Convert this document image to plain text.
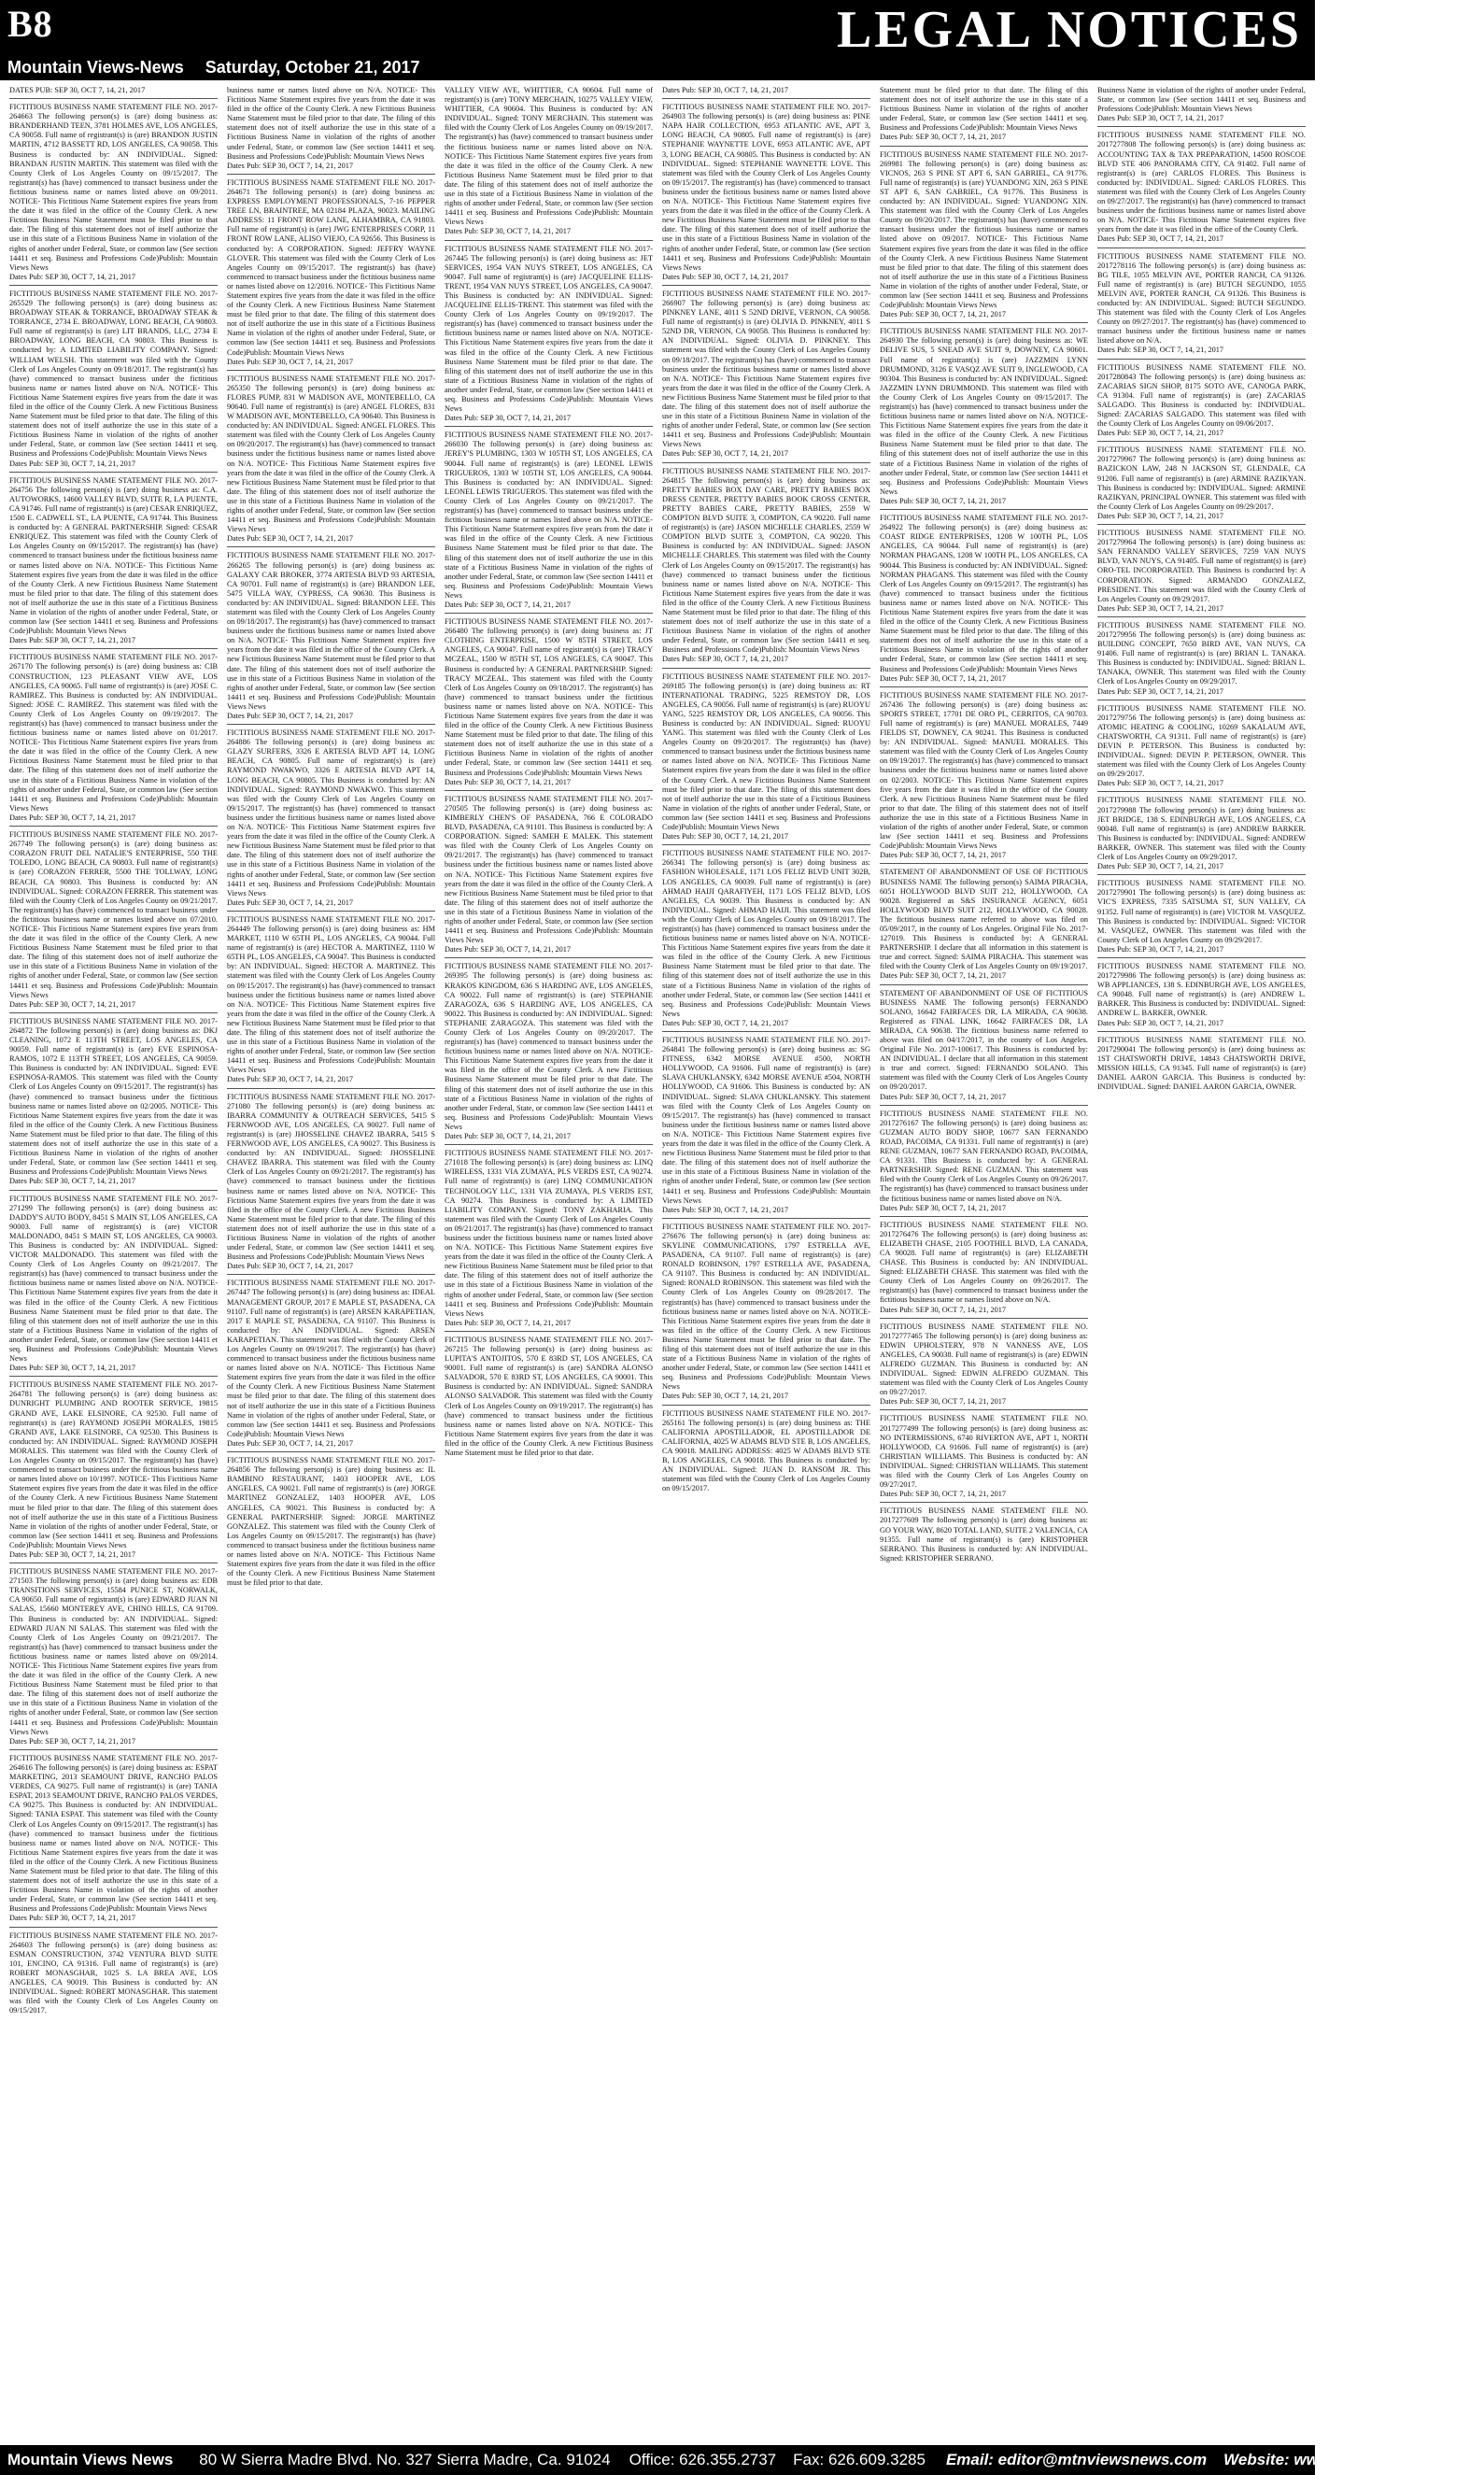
B8	LEGAL NOTICES
Mountain Views-News Saturday, October 21, 2017
DATES PUB: SEP 30, OCT 7, 14, 21, 2017
FICTITIOUS BUSINESS NAME STATEMENT FILE NO. 2017-264663 The following person(s) is (are) doing business as: BRANDERHAND TEEN, 3781 HOLMES AVE, LOS ANGELES, CA 90058. Full name of registrant(s) is (are) BRANDON JUSTIN MARTIN, 4712 BASSETT RD, LOS ANGELES, CA 90058. This Business is conducted by: AN INDIVIDUAL. Signed: BRANDAN JUSTIN MARTIN. This statement was filed with the County Clerk of Los Angeles County on 09/15/2017. The registrant(s) has (have) commenced to transact business under the fictitious business name or names listed above on 09/2011. NOTICE- This Fictitious Name Statement expires five years from the date it was filed in the office of the County Clerk. A new Fictitious Business Name Statement must be filed prior to that date. The filing of this statement does not of itself authorize the use in this state of a Fictitious Business Name in violation of the rights of another under Federal, State, or common law (See section 14411 et seq. Business and Professions Code)Publish: Mountain Views News
Dates Pub: SEP 30, OCT 7, 14, 21, 2017
FICTITIOUS BUSINESS NAME STATEMENT FILE NO. 2017-265529 The following person(s) is (are) doing business as: BROADWAY STEAK & TORRANCE, BROADWAY STEAK & TORRANCE, 2734 E. BROADWAY, LONG BEACH, CA 90803. Full name of registrant(s) is (are) LIT BRANDS, LLC, 2734 E BROADWAY, LONG BEACH, CA 90803. This Business is conducted by: A LIMITED LIABILITY COMPANY. Signed: WILLIAM WELSH. This statement was filed with the County Clerk of Los Angeles County on 09/18/2017. The registrant(s) has (have) commenced to transact business under the fictitious business name or names listed above on N/A. NOTICE- This Fictitious Name Statement expires five years from the date it was filed in the office of the County Clerk. A new Fictitious Business Name Statement must be filed prior to that date. The filing of this statement does not of itself authorize the use in this state of a Fictitious Business Name in violation of the rights of another under Federal, State, or common law (See section 14411 et seq. Business and Professions Code)Publish: Mountain Views News
Dates Pub: SEP 30, OCT 7, 14, 21, 2017
FICTITIOUS BUSINESS NAME STATEMENT FILE NO. 2017-264756 The following person(s) is (are) doing business as: C.A. AUTOWORKS, 14600 VALLEY BLVD, SUITE R, LA PUENTE, CA 91746. Full name of registrant(s) is (are) CESAR ENRIQUEZ, 1500 E. CADWELL ST., LA PUENTE, CA 91744. This Business is conducted by: A GENERAL PARTNERSHIP. Signed: CESAR ENRIQUEZ. This statement was filed with the County Clerk of Los Angeles County on 09/15/2017. The registrant(s) has (have) commenced to transact business under the fictitious business name or names listed above on N/A. NOTICE- This Fictitious Name Statement expires five years from the date it was filed in the office of the County Clerk. A new Fictitious Business Name Statement must be filed prior to that date. The filing of this statement does not of itself authorize the use in this state of a Fictitious Business Name in violation of the rights of another under Federal, State, or common law (See section 14411 et seq. Business and Professions Code)Publish: Mountain Views News
Dates Pub: SEP 30, OCT 7, 14, 21, 2017
FICTITIOUS BUSINESS NAME STATEMENT FILE NO. 2017-267170 The following person(s) is (are) doing business as: CIB CONSTRUCTION, 123 PLEASANT VIEW AVE, LOS ANGELES, CA 90065. Full name of registrant(s) is (are) JOSE C. RAMIREZ. This Business is conducted by: AN INDIVIDUAL. Signed: JOSE C. RAMIREZ. This statement was filed with the County Clerk of Los Angeles County on 09/19/2017. The registrant(s) has (have) commenced to transact business under the fictitious business name or names listed above on 01/2017. NOTICE- This Fictitious Name Statement expires five years from the date it was filed in the office of the County Clerk. A new Fictitious Business Name Statement must be filed prior to that date. The filing of this statement does not of itself authorize the use in this state of a Fictitious Business Name in violation of the rights of another under Federal, State, or common law (See section 14411 et seq. Business and Professions Code)Publish: Mountain Views News
Dates Pub: SEP 30, OCT 7, 14, 21, 2017
FICTITIOUS BUSINESS NAME STATEMENT FILE NO. 2017-267749 The following person(s) is (are) doing business as: CORAZON FRUIT DEL NATALIE'S ENTERPRISE, 550 THE TOLEDO, LONG BEACH, CA 90803. Full name of registrant(s) is (are) CORAZON FERRER, 5500 THE TOLLWAY, LONG BEACH, CA 90803. This Business is conducted by: AN INDIVIDUAL. Signed: CORAZON FERRER. This statement was filed with the County Clerk of Los Angeles County on 09/21/2017. The registrant(s) has (have) commenced to transact business under the fictitious business name or names listed above on 07/2010. NOTICE- This Fictitious Name Statement expires five years from the date it was filed in the office of the County Clerk. A new Fictitious Business Name Statement must be filed prior to that date. The filing of this statement does not of itself authorize the use in this state of a Fictitious Business Name in violation of the rights of another under Federal, State, or common law (See section 14411 et seq. Business and Professions Code)Publish: Mountain Views News
Dates Pub: SEP 30, OCT 7, 14, 21, 2017
FICTITIOUS BUSINESS NAME STATEMENT FILE NO. 2017-264872 The following person(s) is (are) doing business as: DKJ CLEANING, 1072 E 113TH STREET, LOS ANGELES, CA 90059. Full name of registrant(s) is (are) EVE ESPINOSA-RAMOS, 1072 E 113TH STREET, LOS ANGELES, CA 90059. This Business is conducted by: AN INDIVIDUAL. Signed: EVE ESPINOSA-RAMOS. This statement was filed with the County Clerk of Los Angeles County on 09/15/2017. The registrant(s) has (have) commenced to transact business under the fictitious business name or names listed above on 02/2005. NOTICE- This Fictitious Name Statement expires five years from the date it was filed in the office of the County Clerk. A new Fictitious Business Name Statement must be filed prior to that date. The filing of this statement does not of itself authorize the use in this state of a Fictitious Business Name in violation of the rights of another under Federal, State, or common law (See section 14411 et seq. Business and Professions Code)Publish: Mountain Views News
Dates Pub: SEP 30, OCT 7, 14, 21, 2017
FICTITIOUS BUSINESS NAME STATEMENT FILE NO. 2017-271299 The following person(s) is (are) doing business as: DADDY'S AUTO BODY, 8451 S MAIN ST, LOS ANGELES, CA 90003. Full name of registrant(s) is (are) VICTOR MALDONADO, 8451 S MAIN ST, LOS ANGELES, CA 90003. This Business is conducted by: AN INDIVIDUAL. Signed: VICTOR MALDONADO. This statement was filed with the County Clerk of Los Angeles County on 09/21/2017. The registrant(s) has (have) commenced to transact business under the fictitious business name or names listed above on N/A. NOTICE- This Fictitious Name Statement expires five years from the date it was filed in the office of the County Clerk. A new Fictitious Business Name Statement must be filed prior to that date. The filing of this statement does not of itself authorize the use in this state of a Fictitious Business Name in violation of the rights of another under Federal, State, or common law (See section 14411 et seq. Business and Professions Code)Publish: Mountain Views News
Dates Pub: SEP 30, OCT 7, 14, 21, 2017
FICTITIOUS BUSINESS NAME STATEMENT FILE NO. 2017-264781 The following person(s) is (are) doing business as: DUNRIGHT PLUMBING AND ROOTER SERVICE, 19815 GRAND AVE, LAKE ELSINORE, CA 92530. Full name of registrant(s) is (are) RAYMOND JOSEPH MORALES, 19815 GRAND AVE, LAKE ELSINORE, CA 92530. This Business is conducted by: AN INDIVIDUAL. Signed: RAYMOND JOSEPH MORALES. This statement was filed with the County Clerk of Los Angeles County on 09/15/2017. The registrant(s) has (have) commenced to transact business under the fictitious business name or names listed above on 10/1997. NOTICE- This Fictitious Name Statement expires five years from the date it was filed in the office of the County Clerk. A new Fictitious Business Name Statement must be filed prior to that date. The filing of this statement does not of itself authorize the use in this state of a Fictitious Business Name in violation of the rights of another under Federal, State, or common law (See section 14411 et seq. Business and Professions Code)Publish: Mountain Views News
Dates Pub: SEP 30, OCT 7, 14, 21, 2017
FICTITIOUS BUSINESS NAME STATEMENT FILE NO. 2017-271503 The following person(s) is (are) doing business as: EDB TRANSITIONS SERVICES, 15584 PUNICE ST, NORWALK, CA 90650. Full name of registrant(s) is (are) EDWARD JUAN NI SALAS, 15660 MONTEREY AVE, CHINO HILLS, CA 91709. This Business is conducted by: AN INDIVIDUAL. Signed: EDWARD JUAN NI SALAS. This statement was filed with the County Clerk of Los Angeles County on 09/21/2017. The registrant(s) has (have) commenced to transact business under the fictitious business name or names listed above on 09/2014. NOTICE- This Fictitious Name Statement expires five years from the date it was filed in the office of the County Clerk. A new Fictitious Business Name Statement must be filed prior to that date. The filing of this statement does not of itself authorize the use in this state of a Fictitious Business Name in violation of the rights of another under Federal, State, or common law (See section 14411 et seq. Business and Professions Code)Publish: Mountain Views News
Dates Pub: SEP 30, OCT 7, 14, 21, 2017
FICTITIOUS BUSINESS NAME STATEMENT FILE NO. 2017-264616 The following person(s) is (are) doing business as: ESPAT MARKETING, 2013 SEAMOUNT DRIVE, RANCHO PALOS VERDES, CA 90275. Full name of registrant(s) is (are) TANIA ESPAT, 2013 SEAMOUNT DRIVE, RANCHO PALOS VERDES, CA 90275. This Business is conducted by: AN INDIVIDUAL. Signed: TANIA ESPAT. This statement was filed with the County Clerk of Los Angeles County on 09/15/2017. The registrant(s) has (have) commenced to transact business under the fictitious business name or names listed above on N/A. NOTICE- This Fictitious Name Statement expires five years from the date it was filed in the office of the County Clerk. A new Fictitious Business Name Statement must be filed prior to that date. The filing of this statement does not of itself authorize the use in this state of a Fictitious Business Name in violation of the rights of another under Federal, State, or common law (See section 14411 et seq. Business and Professions Code)Publish: Mountain Views News
Dates Pub: SEP 30, OCT 7, 14, 21, 2017
FICTITIOUS BUSINESS NAME STATEMENT FILE NO. 2017-264603 The following person(s) is (are) doing business as: ESMAN CONSTRUCTION, 3742 VENTURA BLVD SUITE 101, ENCINO, CA 91316. Full name of registrant(s) is (are) ROBERT MONASGHAR, 1025 S. LA BREA AVE, LOS ANGELES, CA 90019. This Business is conducted by: AN INDIVIDUAL. Signed: ROBERT MONASGHAR. This statement was filed with the County Clerk of Los Angeles County on 09/15/2017.
business name or names listed above on N/A. NOTICE- This Fictitious Name Statement expires five years from the date it was filed in the office of the County Clerk. A new Fictitious Business Name Statement must be filed prior to that date. The filing of this statement does not of itself authorize the use in this state of a Fictitious Business Name in violation of the rights of another under Federal, State, or common law (See section 14411 et seq. Business and Professions Code)Publish: Mountain Views News
Dates Pub: SEP 30, OCT 7, 14, 21, 2017
FICTITIOUS BUSINESS NAME STATEMENT FILE NO. 2017-264671 The following person(s) is (are) doing business as: EXPRESS EMPLOYMENT PROFESSIONALS, 7-16 PEPPER TREE LN, BRAINTREE, MA 02184 PLAZA, 90023. MAILING ADDRESS: 11 FRONT ROW LANE, ALHAMBRA, CA 91803. Full name of registrant(s) is (are) JWG ENTERPRISES CORP, 11 FRONT ROW LANE, ALISO VIEJO, CA 92656. This Business is conducted by: A CORPORATION. Signed: JEFFRY WAYNE GLOVER. This statement was filed with the County Clerk of Los Angeles County on 09/15/2017. The registrant(s) has (have) commenced to transact business under the fictitious business name or names listed above on 12/2016. NOTICE- This Fictitious Name Statement expires five years from the date it was filed in the office of the County Clerk. A new Fictitious Business Name Statement must be filed prior to that date. The filing of this statement does not of itself authorize the use in this state of a Fictitious Business Name in violation of the rights of another under Federal, State, or common law (See section 14411 et seq. Business and Professions Code)Publish: Mountain Views News
Dates Pub: SEP 30, OCT 7, 14, 21, 2017
FICTITIOUS BUSINESS NAME STATEMENT FILE NO. 2017-265350 The following person(s) is (are) doing business as: FLORES PUMP, 831 W MADISON AVE, MONTEBELLO, CA 90640. Full name of registrant(s) is (are) ANGEL FLORES, 831 W MADISON AVE, MONTEBELLO, CA 90640. This Business is conducted by: AN INDIVIDUAL. Signed: ANGEL FLORES. This statement was filed with the County Clerk of Los Angeles County on 09/20/2017. The registrant(s) has (have) commenced to transact business under the fictitious business name or names listed above on N/A. NOTICE- This Fictitious Name Statement expires five years from the date it was filed in the office of the County Clerk. A new Fictitious Business Name Statement must be filed prior to that date. The filing of this statement does not of itself authorize the use in this state of a Fictitious Business Name in violation of the rights of another under Federal, State, or common law (See section 14411 et seq. Business and Professions Code)Publish: Mountain Views News
Dates Pub: SEP 30, OCT 7, 14, 21, 2017
FICTITIOUS BUSINESS NAME STATEMENT FILE NO. 2017-266265 The following person(s) is (are) doing business as: GALAXY CAR BROKER, 3774 ARTESIA BLVD 93 ARTESIA, CA 90701. Full name of registrant(s) is (are) BRANDON LEE, 5475 VILLA WAY, CYPRESS, CA 90630. This Business is conducted by: AN INDIVIDUAL. Signed: BRANDON LEE. This statement was filed with the County Clerk of Los Angeles County on 09/18/2017. The registrant(s) has (have) commenced to transact business under the fictitious business name or names listed above on N/A. NOTICE- This Fictitious Name Statement expires five years from the date it was filed in the office of the County Clerk. A new Fictitious Business Name Statement must be filed prior to that date. The filing of this statement does not of itself authorize the use in this state of a Fictitious Business Name in violation of the rights of another under Federal, State, or common law (See section 14411 et seq. Business and Professions Code)Publish: Mountain Views News
Dates Pub: SEP 30, OCT 7, 14, 21, 2017
FICTITIOUS BUSINESS NAME STATEMENT FILE NO. 2017-264886 The following person(s) is (are) doing business as: GLAZY SURFERS, 3326 E ARTESIA BLVD APT 14, LONG BEACH, CA 90805. Full name of registrant(s) is (are) RAYMOND NWAKWO, 3326 E ARTESIA BLVD APT 14, LONG BEACH, CA 90805. This Business is conducted by: AN INDIVIDUAL. Signed: RAYMOND NWAKWO. This statement was filed with the County Clerk of Los Angeles County on 09/15/2017. The registrant(s) has (have) commenced to transact business under the fictitious business name or names listed above on N/A. NOTICE- This Fictitious Name Statement expires five years from the date it was filed in the office of the County Clerk. A new Fictitious Business Name Statement must be filed prior to that date. The filing of this statement does not of itself authorize the use in this state of a Fictitious Business Name in violation of the rights of another under Federal, State, or common law (See section 14411 et seq. Business and Professions Code)Publish: Mountain Views News
Dates Pub: SEP 30, OCT 7, 14, 21, 2017
FICTITIOUS BUSINESS NAME STATEMENT FILE NO. 2017-264449 The following person(s) is (are) doing business as: HM MARKET, 1110 W 65TH PL, LOS ANGELES, CA 90044. Full name of registrant(s) is (are) HECTOR A. MARTINEZ, 1110 W 65TH PL, LOS ANGELES, CA 90047. This Business is conducted by: AN INDIVIDUAL. Signed: HECTOR A. MARTINEZ. This statement was filed with the County Clerk of Los Angeles County on 09/15/2017. The registrant(s) has (have) commenced to transact business under the fictitious business name or names listed above on N/A. NOTICE- This Fictitious Name Statement expires five years from the date it was filed in the office of the County Clerk. A new Fictitious Business Name Statement must be filed prior to that date. The filing of this statement does not of itself authorize the use in this state of a Fictitious Business Name in violation of the rights of another under Federal, State, or common law (See section 14411 et seq. Business and Professions Code)Publish: Mountain Views News
Dates Pub: SEP 30, OCT 7, 14, 21, 2017
FICTITIOUS BUSINESS NAME STATEMENT FILE NO. 2017-271080 The following person(s) is (are) doing business as: IBARRA COMMUNITY & OUTREACH SERVICES, 5415 S FERNWOOD AVE, LOS ANGELES, CA 90027. Full name of registrant(s) is (are) JHOSSELINE CHAVEZ IBARRA, 5415 S FERNWOOD AVE, LOS ANGELES, CA 90027. This Business is conducted by: AN INDIVIDUAL. Signed: JHOSSELINE CHAVEZ IBARRA. This statement was filed with the County Clerk of Los Angeles County on 09/21/2017. The registrant(s) has (have) commenced to transact business under the fictitious business name or names listed above on N/A. NOTICE- This Fictitious Name Statement expires five years from the date it was filed in the office of the County Clerk. A new Fictitious Business Name Statement must be filed prior to that date. The filing of this statement does not of itself authorize the use in this state of a Fictitious Business Name in violation of the rights of another under Federal, State, or common law (See section 14411 et seq. Business and Professions Code)Publish: Mountain Views News
Dates Pub: SEP 30, OCT 7, 14, 21, 2017
FICTITIOUS BUSINESS NAME STATEMENT FILE NO. 2017-267447 The following person(s) is (are) doing business as: IDEAL MANAGEMENT GROUP, 2017 E MAPLE ST, PASADENA, CA 91107. Full name of registrant(s) is (are) ARSEN KARAPETIAN, 2017 E MAPLE ST, PASADENA, CA 91107. This Business is conducted by: AN INDIVIDUAL. Signed: ARSEN KARAPETIAN. This statement was filed with the County Clerk of Los Angeles County on 09/19/2017. The registrant(s) has (have) commenced to transact business under the fictitious business name or names listed above on N/A. NOTICE- This Fictitious Name Statement expires five years from the date it was filed in the office of the County Clerk. A new Fictitious Business Name Statement must be filed prior to that date. The filing of this statement does not of itself authorize the use in this state of a Fictitious Business Name in violation of the rights of another under Federal, State, or common law (See section 14411 et seq. Business and Professions Code)Publish: Mountain Views News
Dates Pub: SEP 30, OCT 7, 14, 21, 2017
FICTITIOUS BUSINESS NAME STATEMENT FILE NO. 2017-264856 The following person(s) is (are) doing business as: IL BAMBINO RESTAURANT, 1403 HOOPER AVE, LOS ANGELES, CA 90021. Full name of registrant(s) is (are) JORGE MARTINEZ GONZALEZ, 1403 HOOPER AVE, LOS ANGELES, CA 90021. This Business is conducted by: A GENERAL PARTNERSHIP. Signed: JORGE MARTINEZ GONZALEZ. This statement was filed with the County Clerk of Los Angeles County on 09/15/2017. The registrant(s) has (have) commenced to transact business under the fictitious business name or names listed above on N/A. NOTICE- This Fictitious Name Statement expires five years from the date it was filed in the office of the County Clerk. A new Fictitious Business Name Statement must be filed prior to that date.
VALLEY VIEW AVE, WHITTIER, CA 90604. Full name of registrant(s) is (are) TONY MERCHAIN, 10275 VALLEY VIEW, WHITTIER, CA 90604. This Business is conducted by: AN INDIVIDUAL. Signed: TONY MERCHAIN. This statement was filed with the County Clerk of Los Angeles County on 09/19/2017. The registrant(s) has (have) commenced to transact business under the fictitious business name or names listed above on N/A. NOTICE- This Fictitious Name Statement expires five years from the date it was filed in the office of the County Clerk. A new Fictitious Business Name Statement must be filed prior to that date. The filing of this statement does not of itself authorize the use in this state of a Fictitious Business Name in violation of the rights of another under Federal, State, or common law (See section 14411 et seq. Business and Professions Code)Publish: Mountain Views News
Dates Pub: SEP 30, OCT 7, 14, 21, 2017
FICTITIOUS BUSINESS NAME STATEMENT FILE NO. 2017-267445 The following person(s) is (are) doing business as: JET SERVICES, 1954 VAN NUYS STREET, LOS ANGELES, CA 90047. Full name of registrant(s) is (are) JACQUELINE ELLIS-TRENT, 1954 VAN NUYS STREET, LOS ANGELES, CA 90047. This Business is conducted by: AN INDIVIDUAL. Signed: JACQUELINE ELLIS-TRENT. This statement was filed with the County Clerk of Los Angeles County on 09/19/2017. The registrant(s) has (have) commenced to transact business under the fictitious business name or names listed above on N/A. NOTICE- This Fictitious Name Statement expires five years from the date it was filed in the office of the County Clerk. A new Fictitious Business Name Statement must be filed prior to that date. The filing of this statement does not of itself authorize the use in this state of a Fictitious Business Name in violation of the rights of another under Federal, State, or common law (See section 14411 et seq. Business and Professions Code)Publish: Mountain Views News
Dates Pub: SEP 30, OCT 7, 14, 21, 2017
FICTITIOUS BUSINESS NAME STATEMENT FILE NO. 2017-266030 The following person(s) is (are) doing business as: JEREY'S PLUMBING, 1303 W 105TH ST, LOS ANGELES, CA 90044. Full name of registrant(s) is (are) LEONEL LEWIS TRIGUEROS, 1303 W 105TH ST, LOS ANGELES, CA 90044. This Business is conducted by: AN INDIVIDUAL. Signed: LEONEL LEWIS TRIGUEROS. This statement was filed with the County Clerk of Los Angeles County on 09/21/2017. The registrant(s) has (have) commenced to transact business under the fictitious business name or names listed above on N/A. NOTICE- This Fictitious Name Statement expires five years from the date it was filed in the office of the County Clerk. A new Fictitious Business Name Statement must be filed prior to that date. The filing of this statement does not of itself authorize the use in this state of a Fictitious Business Name in violation of the rights of another under Federal, State, or common law (See section 14411 et seq. Business and Professions Code)Publish: Mountain Views News
Dates Pub: SEP 30, OCT 7, 14, 21, 2017
FICTITIOUS BUSINESS NAME STATEMENT FILE NO. 2017-266480 The following person(s) is (are) doing business as: JT CLOTHING ENTERPRISE, 1500 W 85TH STREET, LOS ANGELES, CA 90047. Full name of registrant(s) is (are) TRACY MCZEAL, 1500 W 85TH ST, LOS ANGELES, CA 90047. This Business is conducted by: A GENERAL PARTNERSHIP. Signed: TRACY MCZEAL. This statement was filed with the County Clerk of Los Angeles County on 09/18/2017. The registrant(s) has (have) commenced to transact business under the fictitious business name or names listed above on N/A. NOTICE- This Fictitious Name Statement expires five years from the date it was filed in the office of the County Clerk. A new Fictitious Business Name Statement must be filed prior to that date. The filing of this statement does not of itself authorize the use in this state of a Fictitious Business Name in violation of the rights of another under Federal, State, or common law (See section 14411 et seq. Business and Professions Code)Publish: Mountain Views News
Dates Pub: SEP 30, OCT 7, 14, 21, 2017
FICTITIOUS BUSINESS NAME STATEMENT FILE NO. 2017-270505 The following person(s) is (are) doing business as: KIMBERLY CHEN'S OF PASADENA, 766 E COLORADO BLVD, PASADENA, CA 91101. This Business is conducted by: A CORPORATION. Signed: SAMEH E MALEK. This statement was filed with the County Clerk of Los Angeles County on 09/21/2017. The registrant(s) has (have) commenced to transact business under the fictitious business name or names listed above on N/A. NOTICE- This Fictitious Name Statement expires five years from the date it was filed in the office of the County Clerk. A new Fictitious Business Name Statement must be filed prior to that date. The filing of this statement does not of itself authorize the use in this state of a Fictitious Business Name in violation of the rights of another under Federal, State, or common law (See section 14411 et seq. Business and Professions Code)Publish: Mountain Views News
Dates Pub: SEP 30, OCT 7, 14, 21, 2017
FICTITIOUS BUSINESS NAME STATEMENT FILE NO. 2017-269395 The following person(s) is (are) doing business as: KRAKOS KINGDOM, 636 S HARDING AVE, LOS ANGELES, CA 90022. Full name of registrant(s) is (are) STEPHANIE ZARAGOZA, 636 S HARDING AVE, LOS ANGELES, CA 90022. This Business is conducted by: AN INDIVIDUAL. Signed: STEPHANIE ZARAGOZA. This statement was filed with the County Clerk of Los Angeles County on 09/20/2017. The registrant(s) has (have) commenced to transact business under the fictitious business name or names listed above on N/A. NOTICE- This Fictitious Name Statement expires five years from the date it was filed in the office of the County Clerk. A new Fictitious Business Name Statement must be filed prior to that date. The filing of this statement does not of itself authorize the use in this state of a Fictitious Business Name in violation of the rights of another under Federal, State, or common law (See section 14411 et seq. Business and Professions Code)Publish: Mountain Views News
Dates Pub: SEP 30, OCT 7, 14, 21, 2017
FICTITIOUS BUSINESS NAME STATEMENT FILE NO. 2017-271018 The following person(s) is (are) doing business as: LINQ WIRELESS, 1331 VIA ZUMAYA, PLS VERDS EST, CA 90274. Full name of registrant(s) is (are) LINQ COMMUNICATION TECHNOLOGY LLC, 1331 VIA ZUMAYA, PLS VERDS EST, CA 90274. This Business is conducted by: A LIMITED LIABILITY COMPANY. Signed: TONY ZAKHARIA. This statement was filed with the County Clerk of Los Angeles County on 09/21/2017. The registrant(s) has (have) commenced to transact business under the fictitious business name or names listed above on N/A. NOTICE- This Fictitious Name Statement expires five years from the date it was filed in the office of the County Clerk. A new Fictitious Business Name Statement must be filed prior to that date. The filing of this statement does not of itself authorize the use in this state of a Fictitious Business Name in violation of the rights of another under Federal, State, or common law (See section 14411 et seq. Business and Professions Code)Publish: Mountain Views News
Dates Pub: SEP 30, OCT 7, 14, 21, 2017
FICTITIOUS BUSINESS NAME STATEMENT FILE NO. 2017-267215 The following person(s) is (are) doing business as: LUPITA'S ANTOJITOS, 570 E 83RD ST, LOS ANGELES, CA 90001. Full name of registrant(s) is (are) SANDRA ALONSO SALVADOR, 570 E 83RD ST, LOS ANGELES, CA 90001. This Business is conducted by: AN INDIVIDUAL. Signed: SANDRA ALONSO SALVADOR. This statement was filed with the County Clerk of Los Angeles County on 09/19/2017. The registrant(s) has (have) commenced to transact business under the fictitious business name or names listed above on N/A. NOTICE- This Fictitious Name Statement expires five years from the date it was filed in the office of the County Clerk. A new Fictitious Business Name Statement must be filed prior to that date.
Dates Pub: SEP 30, OCT 7, 14, 21, 2017
FICTITIOUS BUSINESS NAME STATEMENT FILE NO. 2017-264903 The following person(s) is (are) doing business as: PINE NAPA HAIR COLLECTION, 6953 ATLANTIC AVE, APT 3, LONG BEACH, CA 90805. Full name of registrant(s) is (are) STEPHANIE WAYNETTE LOVE, 6953 ATLANTIC AVE, APT 3, LONG BEACH, CA 90805. This Business is conducted by: AN INDIVIDUAL. Signed: STEPHANIE WAYNETTE LOVE. This statement was filed with the County Clerk of Los Angeles County on 09/15/2017. The registrant(s) has (have) commenced to transact business under the fictitious business name or names listed above on N/A. NOTICE- This Fictitious Name Statement expires five years from the date it was filed in the office of the County Clerk. A new Fictitious Business Name Statement must be filed prior to that date. The filing of this statement does not of itself authorize the use in this state of a Fictitious Business Name in violation of the rights of another under Federal, State, or common law (See section 14411 et seq. Business and Professions Code)Publish: Mountain Views News
Dates Pub: SEP 30, OCT 7, 14, 21, 2017
FICTITIOUS BUSINESS NAME STATEMENT FILE NO. 2017-266907 The following person(s) is (are) doing business as: PINKNEY LANE, 4011 S 52ND DRIVE, VERNON, CA 90058. Full name of registrant(s) is (are) OLIVIA D. PINKNEY, 4011 S 52ND DR, VERNON, CA 90058. This Business is conducted by: AN INDIVIDUAL. Signed: OLIVIA D. PINKNEY. This statement was filed with the County Clerk of Los Angeles County on 09/18/2017. The registrant(s) has (have) commenced to transact business under the fictitious business name or names listed above on N/A. NOTICE- This Fictitious Name Statement expires five years from the date it was filed in the office of the County Clerk. A new Fictitious Business Name Statement must be filed prior to that date. The filing of this statement does not of itself authorize the use in this state of a Fictitious Business Name in violation of the rights of another under Federal, State, or common law (See section 14411 et seq. Business and Professions Code)Publish: Mountain Views News
Dates Pub: SEP 30, OCT 7, 14, 21, 2017
FICTITIOUS BUSINESS NAME STATEMENT FILE NO. 2017-264815 The following person(s) is (are) doing business as: PRETTY BABIES BOX DAY CARE, PRETTY BABIES BOX DRESS CENTER, PRETTY BABIES BOOK CROSS CENTER, PRETTY BABIES CARE, PRETTY BABIES, 2559 W COMPTON BLVD SUITE 3, COMPTON, CA 90220. Full name of registrant(s) is (are) JASON MICHELLE CHARLES, 2559 W COMPTON BLVD SUITE 3, COMPTON, CA 90220. This Business is conducted by: AN INDIVIDUAL. Signed: JASON MICHELLE CHARLES. This statement was filed with the County Clerk of Los Angeles County on 09/15/2017. The registrant(s) has (have) commenced to transact business under the fictitious business name or names listed above on N/A. NOTICE- This Fictitious Name Statement expires five years from the date it was filed in the office of the County Clerk. A new Fictitious Business Name Statement must be filed prior to that date. The filing of this statement does not of itself authorize the use in this state of a Fictitious Business Name in violation of the rights of another under Federal, State, or common law (See section 14411 et seq. Business and Professions Code)Publish: Mountain Views News
Dates Pub: SEP 30, OCT 7, 14, 21, 2017
FICTITIOUS BUSINESS NAME STATEMENT FILE NO. 2017-269185 The following person(s) is (are) doing business as: RT INTERNATIONAL TRADING, 5225 REMSTOY DR, LOS ANGELES, CA 90056. Full name of registrant(s) is (are) RUOYU YANG, 5225 REMSTOY DR, LOS ANGELES, CA 90056. This Business is conducted by: AN INDIVIDUAL. Signed: RUOYU YANG. This statement was filed with the County Clerk of Los Angeles County on 09/20/2017. The registrant(s) has (have) commenced to transact business under the fictitious business name or names listed above on N/A. NOTICE- This Fictitious Name Statement expires five years from the date it was filed in the office of the County Clerk. A new Fictitious Business Name Statement must be filed prior to that date. The filing of this statement does not of itself authorize the use in this state of a Fictitious Business Name in violation of the rights of another under Federal, State, or common law (See section 14411 et seq. Business and Professions Code)Publish: Mountain Views News
Dates Pub: SEP 30, OCT 7, 14, 21, 2017
FICTITIOUS BUSINESS NAME STATEMENT FILE NO. 2017-266341 The following person(s) is (are) doing business as: FASHION WHOLESALE, 1171 LOS FELIZ BLVD UNIT 302B, LOS ANGELES, CA 90039. Full name of registrant(s) is (are) AHMAD HAIJI QARAFIYEH, 1171 LOS FELIZ BLVD, LOS ANGELES, CA 90039. This Business is conducted by: AN INDIVIDUAL. Signed: AHMAD HAIJI. This statement was filed with the County Clerk of Los Angeles County on 09/18/2017. The registrant(s) has (have) commenced to transact business under the fictitious business name or names listed above on N/A. NOTICE- This Fictitious Name Statement expires five years from the date it was filed in the office of the County Clerk. A new Fictitious Business Name Statement must be filed prior to that date. The filing of this statement does not of itself authorize the use in this state of a Fictitious Business Name in violation of the rights of another under Federal, State, or common law (See section 14411 et seq. Business and Professions Code)Publish: Mountain Views News
Dates Pub: SEP 30, OCT 7, 14, 21, 2017
FICTITIOUS BUSINESS NAME STATEMENT FILE NO. 2017-264841 The following person(s) is (are) doing business as: SG FITNESS, 6342 MORSE AVENUE #500, NORTH HOLLYWOOD, CA 91606. Full name of registrant(s) is (are) SLAVA CHUKLANSKY, 6342 MORSE AVENUE #504, NORTH HOLLYWOOD, CA 91606. This Business is conducted by: AN INDIVIDUAL. Signed: SLAVA CHUKLANSKY. This statement was filed with the County Clerk of Los Angeles County on 09/15/2017. The registrant(s) has (have) commenced to transact business under the fictitious business name or names listed above on N/A. NOTICE- This Fictitious Name Statement expires five years from the date it was filed in the office of the County Clerk. A new Fictitious Business Name Statement must be filed prior to that date. The filing of this statement does not of itself authorize the use in this state of a Fictitious Business Name in violation of the rights of another under Federal, State, or common law (See section 14411 et seq. Business and Professions Code)Publish: Mountain Views News
Dates Pub: SEP 30, OCT 7, 14, 21, 2017
FICTITIOUS BUSINESS NAME STATEMENT FILE NO. 2017-276676 The following person(s) is (are) doing business as: SKYLINE COMMUNICATIONS, 1797 ESTRELLA AVE, PASADENA, CA 91107. Full name of registrant(s) is (are) RONALD ROBINSON, 1797 ESTRELLA AVE, PASADENA, CA 91107. This Business is conducted by: AN INDIVIDUAL. Signed: RONALD ROBINSON. This statement was filed with the County Clerk of Los Angeles County on 09/28/2017. The registrant(s) has (have) commenced to transact business under the fictitious business name or names listed above on N/A. NOTICE- This Fictitious Name Statement expires five years from the date it was filed in the office of the County Clerk. A new Fictitious Business Name Statement must be filed prior to that date. The filing of this statement does not of itself authorize the use in this state of a Fictitious Business Name in violation of the rights of another under Federal, State, or common law (See section 14411 et seq. Business and Professions Code)Publish: Mountain Views News
Dates Pub: SEP 30, OCT 7, 14, 21, 2017
FICTITIOUS BUSINESS NAME STATEMENT FILE NO. 2017-265161 The following person(s) is (are) doing business as: THE CALIFORNIA APOSTILLADOR, EL APOSTILLADOR DE CALIFORNIA, 4025 W ADAMS BLVD STE B, LOS ANGELES, CA 90018. MAILING ADDRESS: 4025 W ADAMS BLVD STE B, LOS ANGELES, CA 90018. This Business is conducted by: AN INDIVIDUAL. Signed: JUAN D. RANSOM JR. This statement was filed with the County Clerk of Los Angeles County on 09/15/2017.
Statement must be filed prior to that date. The filing of this statement does not of itself authorize the use in this state of a Fictitious Business Name in violation of the rights of another under Federal, State, or common law (See section 14411 et seq. Business and Professions Code)Publish: Mountain Views News
Dates Pub: SEP 30, OCT 7, 14, 21, 2017
FICTITIOUS BUSINESS NAME STATEMENT FILE NO. 2017-269981 The following person(s) is (are) doing business as: VICNOS, 263 S PINE ST APT 6, SAN GABRIEL, CA 91776. Full name of registrant(s) is (are) YUANDONG XIN, 263 S PINE ST APT 6, SAN GABRIEL, CA 91776. This Business is conducted by: AN INDIVIDUAL. Signed: YUANDONG XIN. This statement was filed with the County Clerk of Los Angeles County on 09/20/2017. The registrant(s) has (have) commenced to transact business under the fictitious business name or names listed above on 09/2017. NOTICE- This Fictitious Name Statement expires five years from the date it was filed in the office of the County Clerk. A new Fictitious Business Name Statement must be filed prior to that date. The filing of this statement does not of itself authorize the use in this state of a Fictitious Business Name in violation of the rights of another under Federal, State, or common law (See section 14411 et seq. Business and Professions Code)Publish: Mountain Views News
Dates Pub: SEP 30, OCT 7, 14, 21, 2017
FICTITIOUS BUSINESS NAME STATEMENT FILE NO. 2017-264930 The following person(s) is (are) doing business as: WE DELIVE SUS, 5 SNEAD AVE SUIT 9, DOWNEY, CA 90601. Full name of registrant(s) is (are) JAZZMIN LYNN DRUMMOND, 3126 E VASQZ AVE SUIT 9, INGLEWOOD, CA 90304. This Business is conducted by: AN INDIVIDUAL. Signed: JAZZMIN LYNN DRUMMOND. This statement was filed with the County Clerk of Los Angeles County on 09/15/2017. The registrant(s) has (have) commenced to transact business under the fictitious business name or names listed above on N/A. NOTICE- This Fictitious Name Statement expires five years from the date it was filed in the office of the County Clerk. A new Fictitious Business Name Statement must be filed prior to that date. The filing of this statement does not of itself authorize the use in this state of a Fictitious Business Name in violation of the rights of another under Federal, State, or common law (See section 14411 et seq. Business and Professions Code)Publish: Mountain Views News
Dates Pub: SEP 30, OCT 7, 14, 21, 2017
FICTITIOUS BUSINESS NAME STATEMENT FILE NO. 2017-264922 The following person(s) is (are) doing business as: COAST RIDGE ENTERPRISES, 1208 W 100TH PL, LOS ANGELES, CA 90044. Full name of registrant(s) is (are) NORMAN PHAGANS, 1208 W 100TH PL, LOS ANGELES, CA 90044. This Business is conducted by: AN INDIVIDUAL. Signed: NORMAN PHAGANS. This statement was filed with the County Clerk of Los Angeles County on 09/15/2017. The registrant(s) has (have) commenced to transact business under the fictitious business name or names listed above on N/A. NOTICE- This Fictitious Name Statement expires five years from the date it was filed in the office of the County Clerk. A new Fictitious Business Name Statement must be filed prior to that date. The filing of this statement does not of itself authorize the use in this state of a Fictitious Business Name in violation of the rights of another under Federal, State, or common law (See section 14411 et seq. Business and Professions Code)Publish: Mountain Views News
Dates Pub: SEP 30, OCT 7, 14, 21, 2017
FICTITIOUS BUSINESS NAME STATEMENT FILE NO. 2017-267436 The following person(s) is (are) doing business as: SPORTS STREET, 17701 DE ORO PL, CERRITOS, CA 90703. Full name of registrant(s) is (are) MANUEL MORALES, 7449 FIELDS ST, DOWNEY, CA 90241. This Business is conducted by: AN INDIVIDUAL. Signed: MANUEL MORALES. This statement was filed with the County Clerk of Los Angeles County on 09/19/2017. The registrant(s) has (have) commenced to transact business under the fictitious business name or names listed above on 02/2003. NOTICE- This Fictitious Name Statement expires five years from the date it was filed in the office of the County Clerk. A new Fictitious Business Name Statement must be filed prior to that date. The filing of this statement does not of itself authorize the use in this state of a Fictitious Business Name in violation of the rights of another under Federal, State, or common law (See section 14411 et seq. Business and Professions Code)Publish: Mountain Views News
Dates Pub: SEP 30, OCT 7, 14, 21, 2017
STATEMENT OF ABANDONMENT OF USE OF FICTITIOUS BUSINESS NAME The following person(s) SAIMA PIRACHA, 6051 HOLLYWOOD BLVD SUIT 212, HOLLYWOOD, CA 90028. Registered as S&S INSURANCE AGENCY, 6051 HOLLYWOOD BLVD SUIT 212, HOLLYWOOD, CA 90028. The fictitious business name referred to above was filed on 05/09/2017, in the county of Los Angeles. Original File No. 2017-127019. This Business is conducted by: A GENERAL PARTNERSHIP. I declare that all information in this statement is true and correct. Signed: SAIMA PIRACHA. This statement was filed with the County Clerk of Los Angeles County on 09/19/2017.
Dates Pub: SEP 30, OCT 7, 14, 21, 2017
STATEMENT OF ABANDONMENT OF USE OF FICTITIOUS BUSINESS NAME The following person(s) FERNANDO SOLANO, 16642 FAIRFACES DR, LA MIRADA, CA 90638. Registered as FINAL LINK, 16642 FAIRFACES DR, LA MIRADA, CA 90638. The fictitious business name referred to above was filed on 04/17/2017, in the county of Los Angeles. Original File No. 2017-100617. This Business is conducted by: AN INDIVIDUAL. I declare that all information in this statement is true and correct. Signed: FERNANDO SOLANO. This statement was filed with the County Clerk of Los Angeles County on 09/20/2017.
Dates Pub: SEP 30, OCT 7, 14, 21, 2017
FICTITIOUS BUSINESS NAME STATEMENT FILE NO. 2017276167 The following person(s) is (are) doing business as: GUZMAN AUTO BODY SHOP, 10677 SAN FERNANDO ROAD, PACOIMA, CA 91331. Full name of registrant(s) is (are) RENE GUZMAN, 10677 SAN FERNANDO ROAD, PACOIMA, CA 91331. This Business is conducted by: A GENERAL PARTNERSHIP. Signed: RENE GUZMAN. This statement was filed with the County Clerk of Los Angeles County on 09/26/2017. The registrant(s) has (have) commenced to transact business under the fictitious business name or names listed above on N/A.
Dates Pub: SEP 30, OCT 7, 14, 21, 2017
FICTITIOUS BUSINESS NAME STATEMENT FILE NO. 2017276476 The following person(s) is (are) doing business as: ELIZABETH CHASE, 2105 FOOTHILL BLVD, LA CANADA, CA 90028. Full name of registrant(s) is (are) ELIZABETH CHASE. This Business is conducted by: AN INDIVIDUAL. Signed: ELIZABETH CHASE. This statement was filed with the County Clerk of Los Angeles County on 09/26/2017. The registrant(s) has (have) commenced to transact business under the fictitious business name or names listed above on N/A.
Dates Pub: SEP 30, OCT 7, 14, 21, 2017
FICTITIOUS BUSINESS NAME STATEMENT FILE NO. 20172777465 The following person(s) is (are) doing business as: EDWIN UPHOLSTERY, 978 N VANNESS AVE, LOS ANGELES, CA 90038. Full name of registrant(s) is (are) EDWIN ALFREDO GUZMAN. This Business is conducted by: AN INDIVIDUAL. Signed: EDWIN ALFREDO GUZMAN. This statement was filed with the County Clerk of Los Angeles County on 09/27/2017.
Dates Pub: SEP 30, OCT 7, 14, 21, 2017
FICTITIOUS BUSINESS NAME STATEMENT FILE NO. 2017277499 The following person(s) is (are) doing business as: NO INTERMISSIONS, 6740 RIVERTON AVE, APT 1, NORTH HOLLYWOOD, CA 91606. Full name of registrant(s) is (are) CHRISTIAN WILLIAMS. This Business is conducted by: AN INDIVIDUAL. Signed: CHRISTIAN WILLIAMS. This statement was filed with the County Clerk of Los Angeles County on 09/27/2017.
Dates Pub: SEP 30, OCT 7, 14, 21, 2017
FICTITIOUS BUSINESS NAME STATEMENT FILE NO. 2017277609 The following person(s) is (are) doing business as: GO YOUR WAY, 8620 TOTAL LAND, SUITE 2 VALENCIA, CA 91355. Full name of registrant(s) is (are) KRISTOPHER SERRANO. This Business is conducted by: AN INDIVIDUAL. Signed: KRISTOPHER SERRANO.
Business Name in violation of the rights of another under Federal, State, or common law (See section 14411 et seq. Business and Professions Code)Publish: Mountain Views News
Dates Pub: SEP 30, OCT 7, 14, 21, 2017
FICTITIOUS BUSINESS NAME STATEMENT FILE NO. 2017277808 The following person(s) is (are) doing business as: ACCOUNTING TAX & TAX PREPARATION, 14500 ROSCOE BLVD STE 406 PANORAMA CITY, CA 91402. Full name of registrant(s) is (are) CARLOS FLORES. This Business is conducted by: INDIVIDUAL. Signed: CARLOS FLORES. This statement was filed with the County Clerk of Los Angeles County on 09/27/2017. The registrant(s) has (have) commenced to transact business under the fictitious business name or names listed above on N/A. NOTICE- This Fictitious Name Statement expires five years from the date it was filed in the office of the County Clerk.
Dates Pub: SEP 30, OCT 7, 14, 21, 2017
FICTITIOUS BUSINESS NAME STATEMENT FILE NO. 2017278116 The following person(s) is (are) doing business as: BG TILE, 1055 MELVIN AVE, PORTER RANCH, CA 91326. Full name of registrant(s) is (are) BUTCH SEGUNDO, 1055 MELVIN AVE, PORTER RANCH, CA 91326. This Business is conducted by: AN INDIVIDUAL. Signed: BUTCH SEGUNDO. This statement was filed with the County Clerk of Los Angeles County on 09/27/2017. The registrant(s) has (have) commenced to transact business under the fictitious business name or names listed above on N/A.
Dates Pub: SEP 30, OCT 7, 14, 21, 2017
FICTITIOUS BUSINESS NAME STATEMENT FILE NO. 2017280843 The following person(s) is (are) doing business as: ZACARIAS SIGN SHOP, 8175 SOTO AVE, CANOGA PARK, CA 91304. Full name of registrant(s) is (are) ZACARIAS SALGADO. This Business is conducted by: INDIVIDUAL. Signed: ZACARIAS SALGADO. This statement was filed with the County Clerk of Los Angeles County on 09/06/2017.
Dates Pub: SEP 30, OCT 7, 14, 21, 2017
FICTITIOUS BUSINESS NAME STATEMENT FILE NO. 2017279967 The following person(s) is (are) doing business as: BAZICKON LAW, 248 N JACKSON ST, GLENDALE, CA 91206. Full name of registrant(s) is (are) ARMINE RAZIKYAN. This Business is conducted by: INDIVIDUAL. Signed: ARMINE RAZIKYAN, PRINCIPAL OWNER. This statement was filed with the County Clerk of Los Angeles County on 09/29/2017.
Dates Pub: SEP 30, OCT 7, 14, 21, 2017
FICTITIOUS BUSINESS NAME STATEMENT FILE NO. 2017279964 The following person(s) is (are) doing business as: SAN FERNANDO VALLEY SERVICES, 7259 VAN NUYS BLVD, VAN NUYS, CA 91405. Full name of registrant(s) is (are) ORO-TEL INCORPORATED. This Business is conducted by: A CORPORATION. Signed: ARMANDO GONZALEZ, PRESIDENT. This statement was filed with the County Clerk of Los Angeles County on 09/29/2017.
Dates Pub: SEP 30, OCT 7, 14, 21, 2017
FICTITIOUS BUSINESS NAME STATEMENT FILE NO. 2017279956 The following person(s) is (are) doing business as: BUILDING CONCEPT, 7650 BIRD AVE, VAN NUYS, CA 91406. Full name of registrant(s) is (are) BRIAN L. TANAKA. This Business is conducted by: INDIVIDUAL. Signed: BRIAN L. TANAKA, OWNER. This statement was filed with the County Clerk of Los Angeles County on 09/29/2017.
Dates Pub: SEP 30, OCT 7, 14, 21, 2017
FICTITIOUS BUSINESS NAME STATEMENT FILE NO. 2017279756 The following person(s) is (are) doing business as: ATOMIC HEATING & COOLING, 10269 SAKALAUM AVE, CHATSWORTH, CA 91311. Full name of registrant(s) is (are) DEVIN P. PETERSON. This Business is conducted by: INDIVIDUAL. Signed: DEVIN P. PETERSON, OWNER. This statement was filed with the County Clerk of Los Angeles County on 09/29/2017.
Dates Pub: SEP 30, OCT 7, 14, 21, 2017
FICTITIOUS BUSINESS NAME STATEMENT FILE NO. 2017279988 The following person(s) is (are) doing business as: JET BRIDGE, 138 S. EDINBURGH AVE, LOS ANGELES, CA 90048. Full name of registrant(s) is (are) ANDREW BARKER. This Business is conducted by: INDIVIDUAL. Signed: ANDREW BARKER, OWNER. This statement was filed with the County Clerk of Los Angeles County on 09/29/2017.
Dates Pub: SEP 30, OCT 7, 14, 21, 2017
FICTITIOUS BUSINESS NAME STATEMENT FILE NO. 2017279901 The following person(s) is (are) doing business as: VIC'S EXPRESS, 7335 SATSUMA ST, SUN VALLEY, CA 91352. Full name of registrant(s) is (are) VICTOR M. VASQUEZ. This Business is conducted by: INDIVIDUAL. Signed: VICTOR M. VASQUEZ, OWNER. This statement was filed with the County Clerk of Los Angeles County on 09/29/2017.
Dates Pub: SEP 30, OCT 7, 14, 21, 2017
FICTITIOUS BUSINESS NAME STATEMENT FILE NO. 2017279986 The following person(s) is (are) doing business as: WB APPLIANCES, 138 S. EDINBURGH AVE, LOS ANGELES, CA 90048. Full name of registrant(s) is (are) ANDREW L. BARKER. This Business is conducted by: INDIVIDUAL. Signed: ANDREW L. BARKER, OWNER.
Dates Pub: SEP 30, OCT 7, 14, 21, 2017
FICTITIOUS BUSINESS NAME STATEMENT FILE NO. 2017290041 The following person(s) is (are) doing business as: 1ST CHATSWORTH DRIVE, 14843 CHATSWORTH DRIVE, MISSION HILLS, CA 91345. Full name of registrant(s) is (are) DANIEL AARON GARCIA. This Business is conducted by: INDIVIDUAL. Signed: DANIEL AARON GARCIA, OWNER.
Mountain Views News 80 W Sierra Madre Blvd. No. 327 Sierra Madre, Ca. 91024 Office: 626.355.2737 Fax: 626.609.3285 Email: editor@mtnviewsnews.com Website: www.mtnviewsnews.com
